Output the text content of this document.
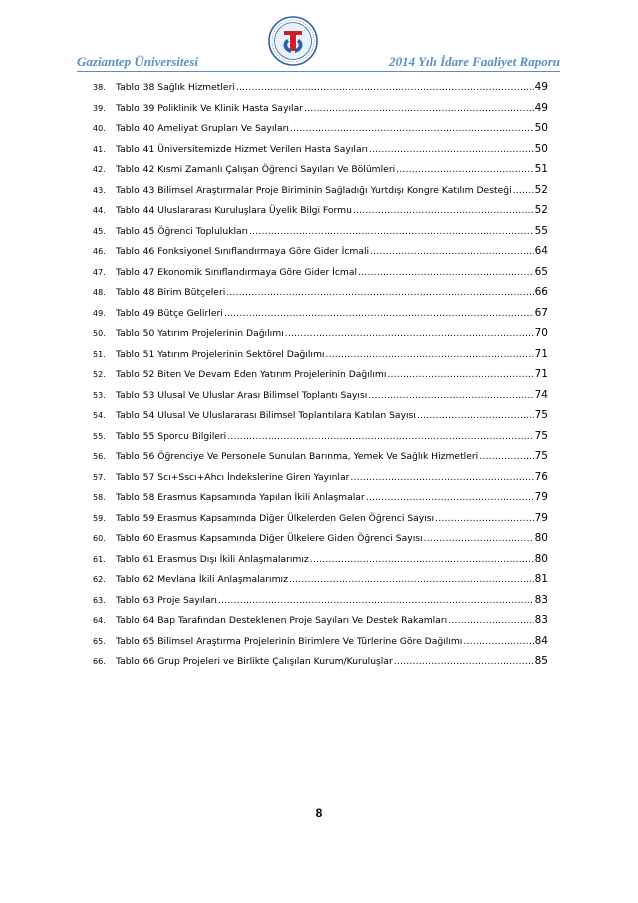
Gaziantep Üniversitesi	2014 Yılı İdare Faaliyet Raporu
38.	Tablo 38 Sağlık Hizmetleri .....	49
39.	Tablo 39 Poliklinik Ve Klinik Hasta Sayılar .....	49
40.	Tablo 40 Ameliyat Grupları Ve Sayıları .....	50
41.	Tablo 41 Üniversitemizde Hizmet Verilen Hasta Sayıları .....	50
42.	Tablo 42 Kısmi Zamanlı Çalışan Öğrenci Sayıları Ve Bölümleri .....	51
43.	Tablo 43 Bilimsel Araştırmalar Proje Biriminin Sağladığı Yurtdışı Kongre Katılım Desteği ..... 52
44.	Tablo 44 Uluslararası Kuruluşlara Üyelik Bilgi Formu .....	52
45.	Tablo 45 Öğrenci Toplulukları .....	55
46.	Tablo 46 Fonksiyonel Sınıflandırmaya Göre Gider İcmali .....	64
47.	Tablo 47 Ekonomik Sınıflandırmaya Göre Gider İcmal .....	65
48.	Tablo 48 Birim Bütçeleri .....	66
49.	Tablo 49 Bütçe Gelirleri .....	67
50.	Tablo 50 Yatırım Projelerinin Dağılımı .....	70
51.	Tablo 51 Yatırım Projelerinin Sektörel Dağılımı .....	71
52.	Tablo 52 Biten Ve Devam Eden Yatırım Projelerinin Dağılımı .....	71
53.	Tablo 53 Ulusal Ve Uluslar Arası Bilimsel Toplantı Sayısı .....	74
54.	Tablo 54 Ulusal Ve Uluslararası Bilimsel Toplantılara Katılan Sayısı .....	75
55.	Tablo 55 Sporcu Bilgileri .....	75
56.	Tablo 56 Öğrenciye Ve Personele Sunulan Barınma, Yemek Ve Sağlık Hizmetleri .....	75
57.	Tablo 57 Scı+Sscı+Ahcı İndekslerine Giren Yayınlar .....	76
58.	Tablo 58 Erasmus Kapsamında Yapılan İkili Anlaşmalar .....	79
59.	Tablo 59 Erasmus Kapsamında Diğer Ülkelerden Gelen Öğrenci Sayısı .....	79
60.	Tablo 60 Erasmus Kapsamında Diğer Ülkelere Giden Öğrenci Sayısı .....	80
61.	Tablo 61 Erasmus Dışı İkili Anlaşmalarımız .....	80
62.	Tablo 62 Mevlana İkili Anlaşmalarımız .....	81
63.	Tablo 63 Proje Sayıları .....	83
64.	Tablo 64 Bap Tarafından Desteklenen Proje Sayıları Ve Destek Rakamları .....	83
65.	Tablo 65 Bilimsel Araştırma Projelerinin Birimlere Ve Türlerine Göre Dağılımı .....	84
66.	Tablo 66 Grup Projeleri ve Birlikte Çalışılan Kurum/Kuruluşlar .....	85
8
